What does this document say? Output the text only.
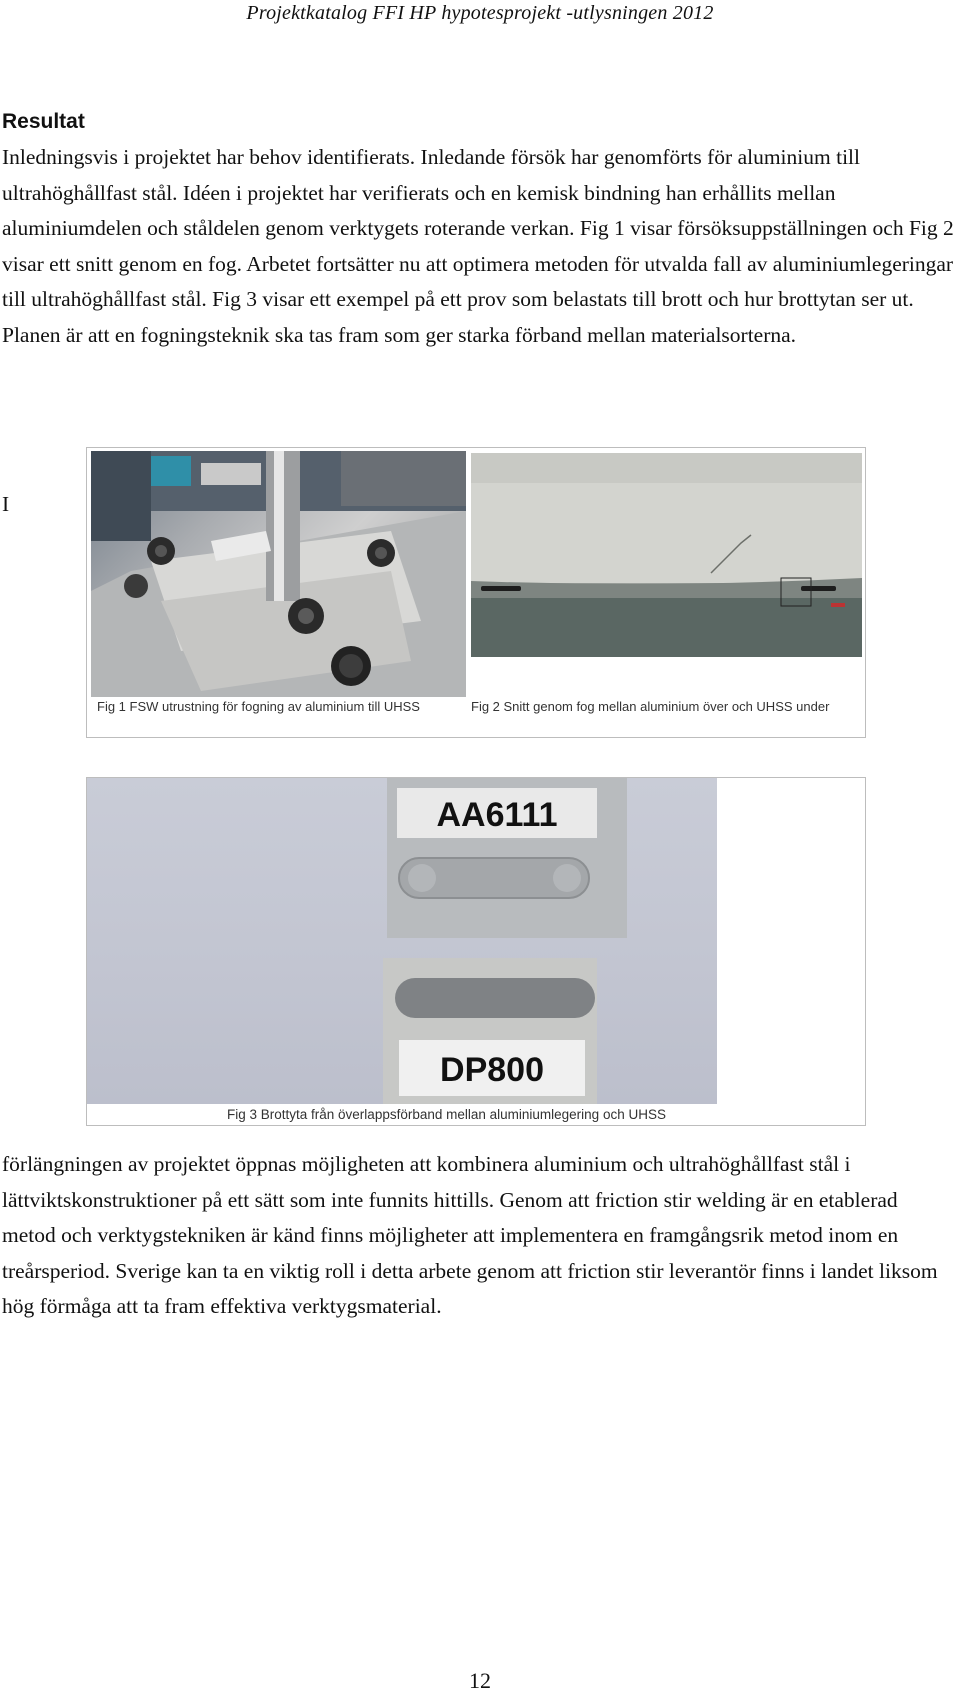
Projektkatalog FFI HP hypotesprojekt -utlysningen 2012
Resultat

Inledningsvis i projektet har behov identifierats. Inledande försök har genomförts för aluminium till ultrahöghållfast stål. Idéen i projektet har verifierats och en kemisk bindning han erhållits mellan aluminiumdelen och ståldelen genom verktygets roterande verkan. Fig 1 visar försöksuppställningen och Fig 2 visar ett snitt genom en fog. Arbetet fortsätter nu att optimera metoden för utvalda fall av aluminiumlegeringar till ultrahöghållfast stål. Fig 3 visar ett exempel på ett prov som belastats till brott och hur brottytan ser ut. Planen är att en fogningsteknik ska tas fram som ger starka förband mellan materialsorterna.

I
Fig 1 FSW utrustning för fogning av aluminium till UHSS	Fig 2 Snitt genom fog mellan aluminium över och UHSS under
AA6111
DP800
Fig 3 Brottyta från överlappsförband mellan aluminiumlegering och UHSS

förlängningen av projektet öppnas möjligheten att kombinera aluminium och ultrahöghållfast stål i lättviktskonstruktioner på ett sätt som inte funnits hittills. Genom att friction stir welding är en etablerad metod och verktygstekniken är känd finns möjligheter att implementera en framgångsrik metod inom en treårsperiod. Sverige kan ta en viktig roll i detta arbete genom att friction stir leverantör finns i landet liksom hög förmåga att ta fram effektiva verktygsmaterial.

12
